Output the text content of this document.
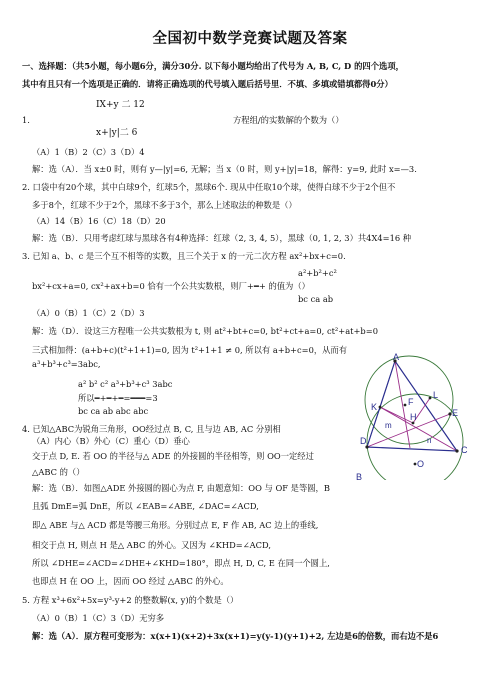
全国初中数学竞赛试题及答案
一、选择题：（共5小题，每小题6分，满分30分. 以下每小题均给出了代号为 A, B, C, D 的四个选项，
其中有且只有一个选项是正确的．请将正确选项的代号填入题后括号里．不填、多填或错填都得0分）
IX+y 二 12
1.	方程组/的实数解的个数为（）
x+|y|二 6
（A）1（B）2（C）3（D）4
解：选（A）．当 x±0 时，则有 y—|y|=6, 无解；当 x（0 时，则 y+|y|=18，解得：y=9, 此时 x=—3.
2. 口袋中有20个球，其中白球9个，红球5个，黑球6个. 现从中任取10个球，使得白球不少于2个但不
多于8个，红球不少于2个，黑球不多于3个，那么上述取法的种数是（）
（A）14（B）16（C）18（D）20
解：选（B）．只用考虑红球与黑球各有4种选择：红球（2, 3, 4, 5），黑球（0, 1, 2, 3）共4X4=16 种
3. 已知 a、b、c 是三个互不相等的实数，且三个关于 x 的一元二次方程 ax²+bx+c=0.
a²+b²+c²
bx²+cx+a=0, cx²+ax+b=0 恰有一个公共实数根，则厂+━+ 的值为（）
bc ca ab
（A）0（B）1（C）2（D）3
解：选（D）．设这三方程唯一公共实数根为 t, 则 at²+bt+c=0, bt²+ct+a=0, ct²+at+b=0
三式相加得：(a+b+c)(t²+1+1)=0, 因为 t²+1+1 ≠ 0, 所以有 a+b+c=0，从而有
a³+b³+c³=3abc,
a² b² c² a³+b³+c³ 3abc
所以━+━+━=━━━=3
bc ca ab abc abc
4. 已知△ABC为锐角三角形，OO经过点 B, C, 且与边 AB, AC 分别相
（A）内心（B）外心（C）重心（D）垂心
交于点 D, E. 若 OO 的半径与△ ADE 的外接圆的半径相等，则 OO一定经过
△ABC 的（）
解：选（B）．如图△ADE 外接圆的圆心为点 F, 由题意知：OO 与 OF 是等圆，B
且弧 DmE=弧 DnE，所以 ∠EAB=∠ABE, ∠DAC=∠ACD,
即△ ABE 与△ ACD 都是等腰三角形。分别过点 E, F 作 AB, AC 边上的垂线,
相交于点 H, 则点 H 是△ ABC 的外心。又因为 ∠KHD=∠ACD,
所以 ∠DHE=∠ACD=∠DHE+∠KHD=180°，即点 H, D, C, E 在同一个圆上,
也即点 H 在 OO 上，因而 OO 经过 △ABC 的外心。
5. 方程 x³+6x²+5x=y³-y+2 的整数解(x, y)的个数是（）
（A）0（B）1（C）3（D）无穷多
解：选（A）．原方程可变形为：x(x+1)(x+2)+3x(x+1)=y(y-1)(y+1)+2, 左边是6的倍数，而右边不是6
A
K	F
L
m
H	E
D	n
B
C
O
